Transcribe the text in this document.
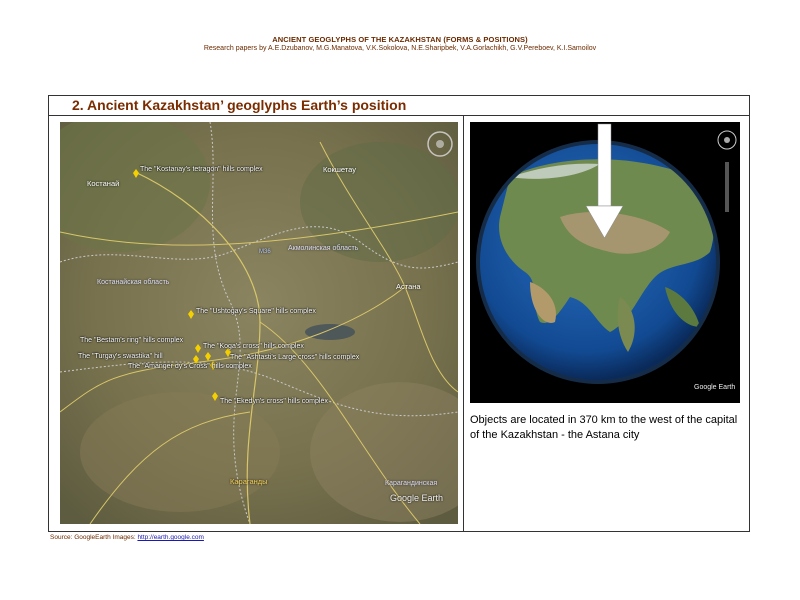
ANCIENT GEOGLYPHS OF THE KAZAKHSTAN (FORMS & POSITIONS)
Research papers by A.E.Dzubanov, M.G.Manatova, V.K.Sokolova, N.E.Sharipbek, V.A.Gorlachikh, G.V.Pereboev, K.I.Samoilov
2. Ancient Kazakhstan’ geoglyphs Earth’s position
Костанай
Кокшетау
Астана
Караганды
Костанайская область
Акмолинская область
Карагандинская
M36
The "Kostanay's tetragon" hills complex
The "Ushtogay's Square" hills complex
The "Bestam's ring" hills complex
The "Koga's cross" hills complex
The "Turgay's swastika" hill	The "Ashtasti's Large cross" hills complex
The "Amanger dy's Cross" hills complex
The "Ekedyn's cross" hills complex
Google Earth
Google Earth
Objects are located in 370 km to the west of the capital of the Kazakhstan - the Astana city
Source: GoogleEarth Images: http://earth.google.com
